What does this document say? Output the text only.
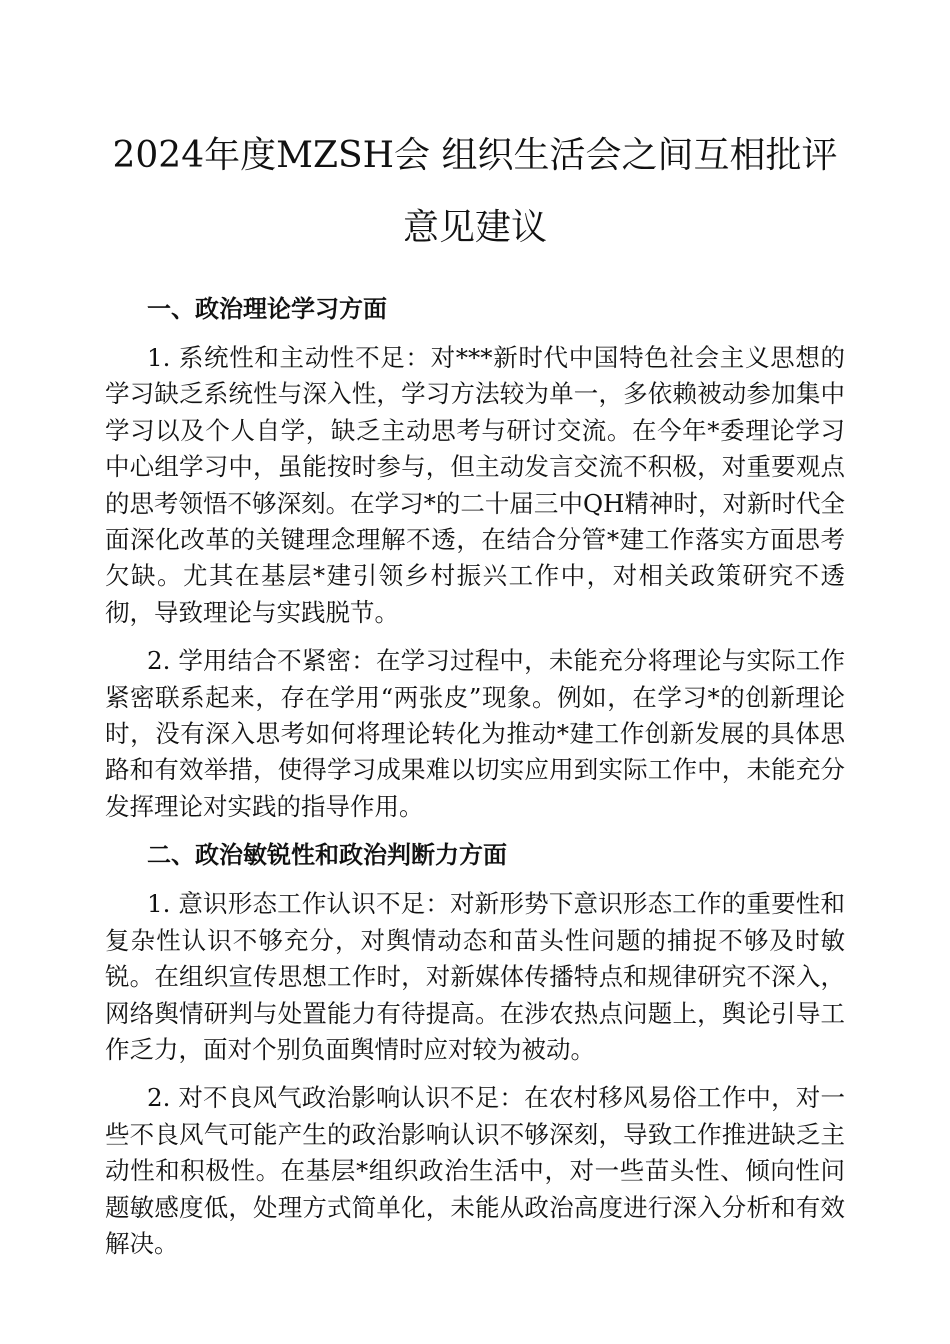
2024年度MZSH会 组织生活会之间互相批评意见建议

一、政治理论学习方面

1. 系统性和主动性不足：对***新时代中国特色社会主义思想的学习缺乏系统性与深入性，学习方法较为单一，多依赖被动参加集中学习以及个人自学，缺乏主动思考与研讨交流。在今年*委理论学习中心组学习中，虽能按时参与，但主动发言交流不积极，对重要观点的思考领悟不够深刻。在学习*的二十届三中QH精神时，对新时代全面深化改革的关键理念理解不透，在结合分管*建工作落实方面思考欠缺。尤其在基层*建引领乡村振兴工作中，对相关政策研究不透彻，导致理论与实践脱节。

2. 学用结合不紧密：在学习过程中，未能充分将理论与实际工作紧密联系起来，存在学用“两张皮”现象。例如，在学习*的创新理论时，没有深入思考如何将理论转化为推动*建工作创新发展的具体思路和有效举措，使得学习成果难以切实应用到实际工作中，未能充分发挥理论对实践的指导作用。

二、政治敏锐性和政治判断力方面

1. 意识形态工作认识不足：对新形势下意识形态工作的重要性和复杂性认识不够充分，对舆情动态和苗头性问题的捕捉不够及时敏锐。在组织宣传思想工作时，对新媒体传播特点和规律研究不深入，网络舆情研判与处置能力有待提高。在涉农热点问题上，舆论引导工作乏力，面对个别负面舆情时应对较为被动。

2. 对不良风气政治影响认识不足：在农村移风易俗工作中，对一些不良风气可能产生的政治影响认识不够深刻，导致工作推进缺乏主动性和积极性。在基层*组织政治生活中，对一些苗头性、倾向性问题敏感度低，处理方式简单化，未能从政治高度进行深入分析和有效解决。
